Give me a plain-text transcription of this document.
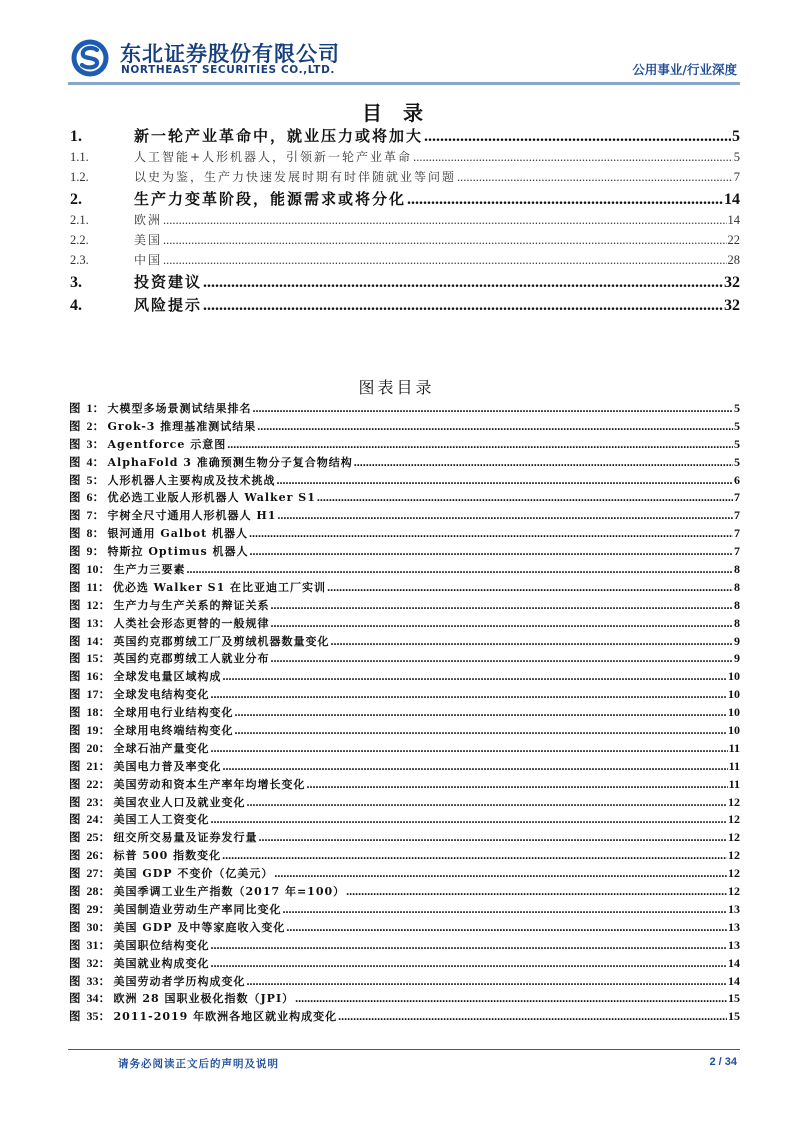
东北证券股份有限公司
NORTHEAST SECURITIES CO.,LTD.	公用事业/行业深度
目 录
1.	新一轮产业革命中，就业压力或将加大 .....	5
1.1.	人工智能+人形机器人，引领新一轮产业革命 .....	5
1.2.	以史为鉴，生产力快速发展时期有时伴随就业等问题 .....	7
2.	生产力变革阶段，能源需求或将分化 .....	14
2.1.	欧洲 .....	14
2.2.	美国 .....	22
2.3.	中国 .....	28
3.	投资建议 .....	32
4.	风险提示 .....	32
图表目录
图 1： 大模型多场景测试结果排名 .....	5
图 2： Grok-3 推理基准测试结果 .....	5
图 3： Agentforce 示意图 .....	5
图 4： AlphaFold 3 准确预测生物分子复合物结构 .....	5
图 5： 人形机器人主要构成及技术挑战 .....	6
图 6： 优必选工业版人形机器人 Walker S1 .....	7
图 7： 宇树全尺寸通用人形机器人 H1 .....	7
图 8： 银河通用 Galbot 机器人 .....	7
图 9： 特斯拉 Optimus 机器人 .....	7
图 10： 生产力三要素 .....	8
图 11： 优必选 Walker S1 在比亚迪工厂实训 .....	8
图 12： 生产力与生产关系的辩证关系 .....	8
图 13： 人类社会形态更替的一般规律 .....	8
图 14： 英国约克郡剪绒工厂及剪绒机器数量变化 .....	9
图 15： 英国约克郡剪绒工人就业分布 .....	9
图 16： 全球发电量区域构成 .....	10
图 17： 全球发电结构变化 .....	10
图 18： 全球用电行业结构变化 .....	10
图 19： 全球用电终端结构变化 .....	10
图 20： 全球石油产量变化 .....	11
图 21： 美国电力普及率变化 .....	11
图 22： 美国劳动和资本生产率年均增长变化 .....	11
图 23： 美国农业人口及就业变化 .....	12
图 24： 美国工人工资变化 .....	12
图 25： 纽交所交易量及证券发行量 .....	12
图 26： 标普 500 指数变化 .....	12
图 27： 美国 GDP 不变价（亿美元） .....	12
图 28： 美国季调工业生产指数（2017 年=100） .....	12
图 29： 美国制造业劳动生产率同比变化 .....	13
图 30： 美国 GDP 及中等家庭收入变化 .....	13
图 31： 美国职位结构变化 .....	13
图 32： 美国就业构成变化 .....	14
图 33： 美国劳动者学历构成变化 .....	14
图 34： 欧洲 28 国职业极化指数（JPI） .....	15
图 35： 2011-2019 年欧洲各地区就业构成变化 .....	15
请务必阅读正文后的声明及说明	2 / 34
